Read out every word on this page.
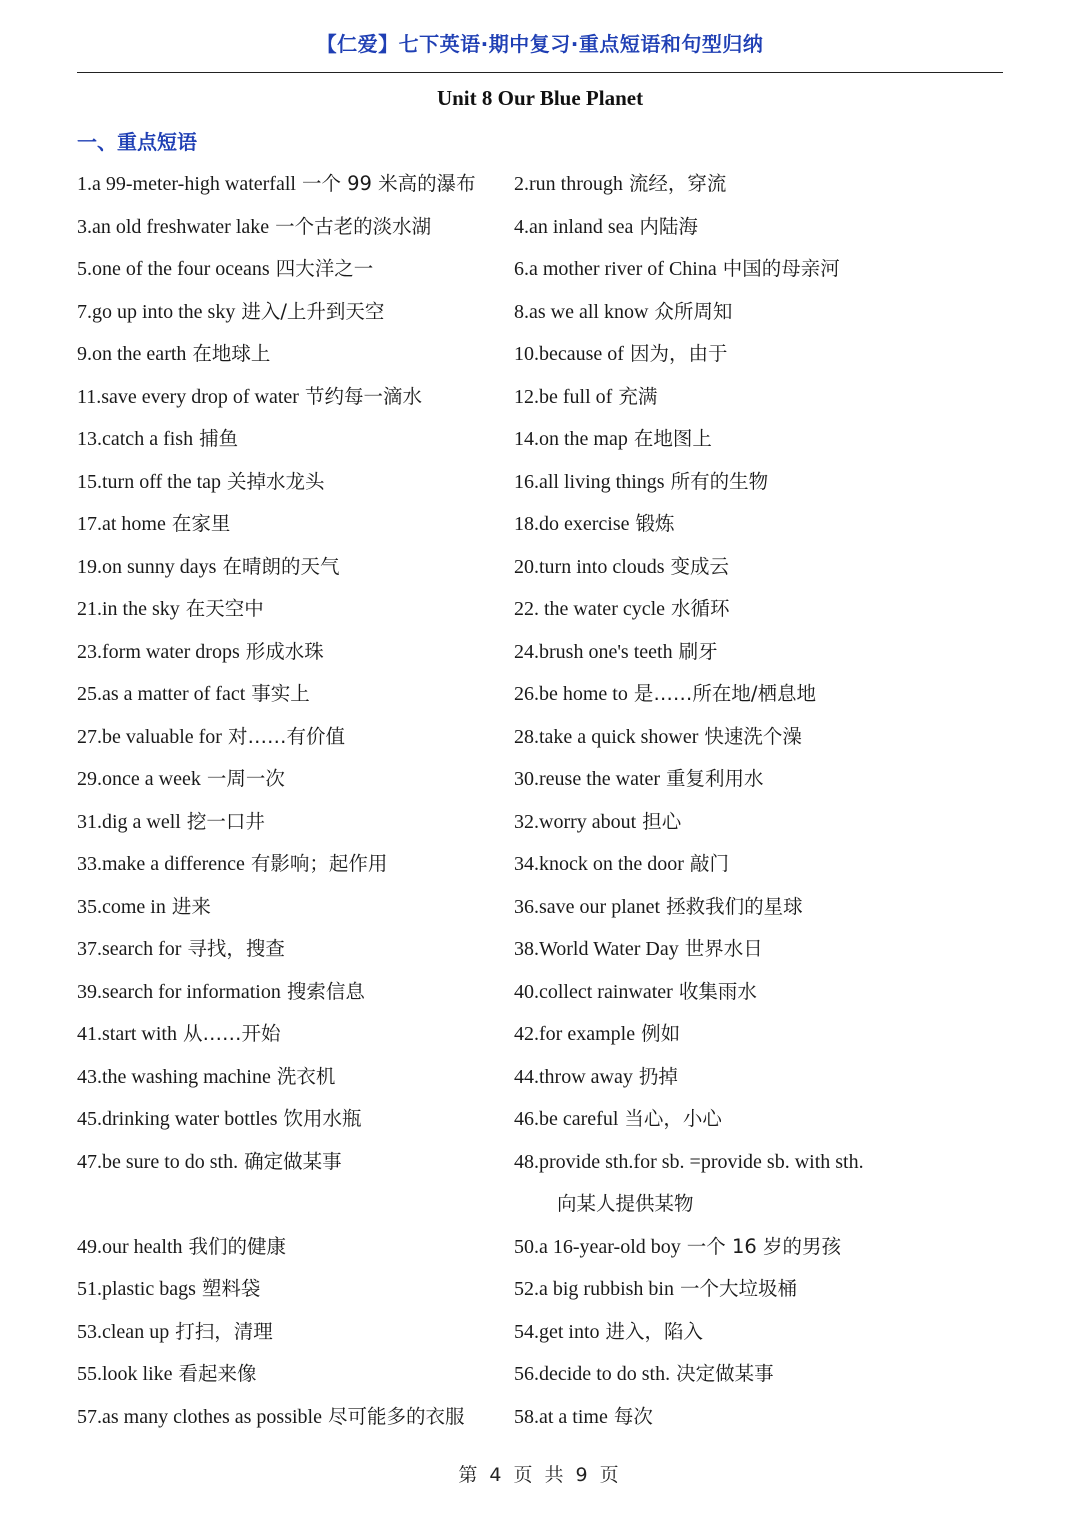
【仁爱】七下英语·期中复习·重点短语和句型归纳
Unit 8 Our Blue Planet
一、重点短语
1.a 99-meter-high waterfall 一个 99 米高的瀑布 2.run through 流经，穿流
3.an old freshwater lake 一个古老的淡水湖	4.an inland sea 内陆海
5.one of the four oceans 四大洋之一	6.a mother river of China 中国的母亲河
7.go up into the sky 进入/上升到天空	8.as we all know 众所周知
9.on the earth 在地球上	10.because of 因为，由于
11.save every drop of water 节约每一滴水	12.be full of 充满
13.catch a fish 捕鱼	14.on the map 在地图上
15.turn off the tap 关掉水龙头	16.all living things 所有的生物
17.at home 在家里	18.do exercise 锻炼
19.on sunny days 在晴朗的天气	20.turn into clouds 变成云
21.in the sky 在天空中	22. the water cycle 水循环
23.form water drops 形成水珠	24.brush one's teeth 刷牙
25.as a matter of fact 事实上	26.be home to 是……所在地/栖息地
27.be valuable for 对……有价值	28.take a quick shower 快速洗个澡
29.once a week 一周一次	30.reuse the water 重复利用水
31.dig a well 挖一口井	32.worry about 担心
33.make a difference 有影响；起作用	34.knock on the door 敲门
35.come in 进来	36.save our planet 拯救我们的星球
37.search for 寻找，搜查	38.World Water Day 世界水日
39.search for information 搜索信息	40.collect rainwater 收集雨水
41.start with 从……开始	42.for example 例如
43.the washing machine 洗衣机	44.throw away 扔掉
45.drinking water bottles 饮用水瓶	46.be careful 当心，小心
47.be sure to do sth. 确定做某事	48.provide sth.for sb. =provide sb. with sth.
向某人提供某物
49.our health 我们的健康	50.a 16-year-old boy 一个 16 岁的男孩
51.plastic bags 塑料袋	52.a big rubbish bin 一个大垃圾桶
53.clean up 打扫，清理	54.get into 进入，陷入
55.look like 看起来像	56.decide to do sth. 决定做某事
57.as many clothes as possible 尽可能多的衣服 58.at a time 每次
第 4 页 共 9 页
